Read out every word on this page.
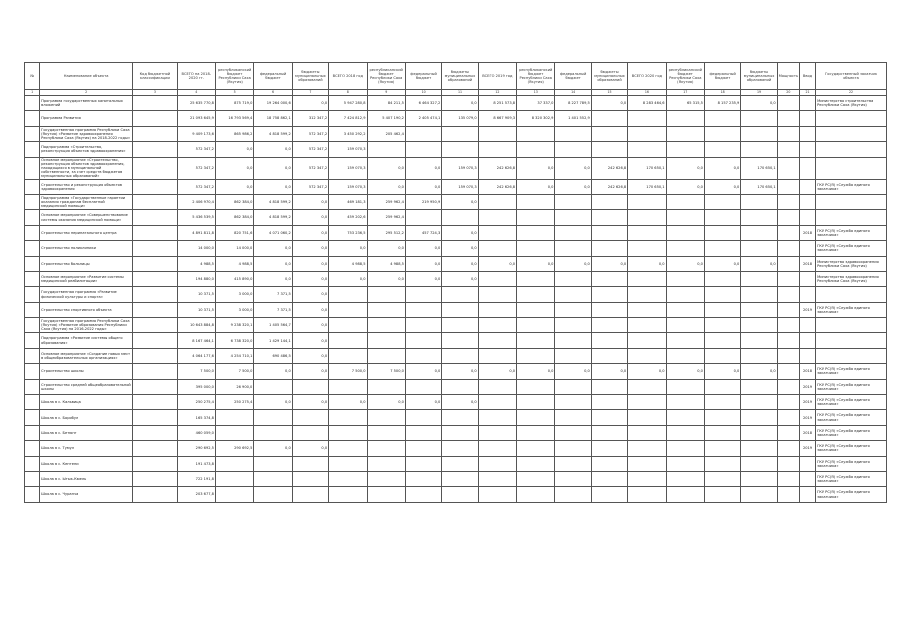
№	Наименование объекта	Код бюджетной классификации	ВСЕГО на 2018-2020 гг.	республиканский бюджет Республики Саха (Якутия)	федеральный бюджет	бюджеты муниципальных образований	ВСЕГО 2018 год	республиканский бюджет Республики Саха (Якутия)	федеральный бюджет	бюджеты муниципальных образований	ВСЕГО 2019 год	республиканский бюджет Республики Саха (Якутия)	федеральный бюджет	бюджеты муниципальных образований	ВСЕГО 2020 год	республиканский бюджет Республики Саха (Якутия)	федеральный бюджет	бюджеты муниципальных образований	Мощность	Ввод	Государственный заказчик объекта
1	2	3	4	5	6	7	8	9	10	11	12	13	14	15	16	17	18	19	20	21	22
	Программа государственных капитальных вложений		25 635 770,8	875 719,0	19 264 000,6	0,0	5 947 280,8	84 211,5	6 464 327,2	0,0	8 251 573,8	37 337,0	8 227 789,5	0,0	8 283 464,6	65 315,5	8 157 235,9	0,0			Министерство строительства Республики Саха (Якутия)
	Программа Развития		21 093 645,9	16 793 569,4	18 758 862,1	312 347,2	7 424 812,9	5 407 190,2	2 405 474,1	135 079,0	8 667 909,3	8 320 302,9	1 401 552,9								
	Государственная программа Республики Саха (Якутия) «Развитие здравоохранения Республики Саха (Якутия) на 2018-2022 годы»		9 409 173,6	865 986,2	4 818 599,2	572 347,2	3 450 292,2	205 462,4													
	Подпрограмма «Строительство, реконструкция объектов здравоохранения»		572 347,2	0,0	0,0	572 347,2	159 070,3														
	Основное мероприятие «Строительство, реконструкция объектов здравоохранения, находящихся в муниципальной собственности, за счет средств бюджетов муниципальных образований»		572 347,2	0,0	0,0	572 347,2	159 070,3	0,0	0,0	159 070,3	242 626,8	0,0	0,0	242 626,8	170 650,1	0,0	0,0	170 650,1			
	Строительство и реконструкция объектов здравоохранения		572 347,2	0,0	0,0	572 347,2	159 070,3	0,0	0,0	159 070,3	242 626,8	0,0	0,0	242 626,8	170 650,1	0,0	0,0	170 650,1			ГКУ РС(Я) «Служба единого заказчика»
	Подпрограмма «Государственные гарантии оказания гражданам бесплатной медицинской помощи»		2 406 970,4	862 384,0	4 818 599,2	0,0	469 181,3	259 962,4	219 950,9	0,0											
	Основное мероприятие «Совершенствование системы оказания медицинской помощи»		5 436 539,5	862 384,0	4 818 599,2	0,0	459 202,6	259 962,4													
	Строительство перинатального центра		4 891 811,8	820 751,6	4 071 060,2	0,0	753 236,5	295 512,2	457 724,3	0,0										2018	ГКУ РС(Я) «Служба единого заказчика»
	Строительство поликлиники		14 000,0	14 000,0	0,0	0,0	0,0	0,0	0,0	0,0											ГКУ РС(Я) «Служба единого заказчика»
	Строительство больницы		4 988,5	4 988,5	0,0	0,0	4 988,5	4 988,5	0,0	0,0	0,0	0,0	0,0	0,0	0,0	0,0	0,0	0,0		2018	Министерство здравоохранения Республики Саха (Якутия)
	Основное мероприятие «Развитие системы медицинской реабилитации»		194 880,0	415 890,0	0,0	0,0	0,0	0,0	0,0	0,0											Министерство здравоохранения Республики Саха (Якутия)
	Государственная программа «Развитие физической культуры и спорта»		10 371,5	3 000,0	7 371,5	0,0															
	Строительство спортивного объекта		10 371,5	3 000,0	7 371,5	0,0														2019	ГКУ РС(Я) «Служба единого заказчика»
	Государственная программа Республики Саха (Якутия) «Развитие образования Республики Саха (Якутия) на 2016-2022 годы»		10 643 884,8	9 238 320,1	1 405 564,7	0,0															
	Подпрограмма «Развитие системы общего образования»		8 167 464,1	6 738 320,0	1 429 144,1	0,0															
	Основное мероприятие «Создание новых мест в общеобразовательных организациях»		4 064 177,6	4 254 710,1	690 486,5	0,0															
	Строительство школы		7 500,0	7 500,0	0,0	0,0	7 500,0	7 500,0	0,0	0,0	0,0	0,0	0,0	0,0	0,0	0,0	0,0	0,0		2018	ГКУ РС(Я) «Служба единого заказчика»
	Строительство средней общеобразовательной школы		395 000,0	26 900,0																2019	ГКУ РС(Я) «Служба единого заказчика»
	Школа в с. Кальвица		250 275,4	250 275,4	0,0	0,0	0,0	0,0	0,0	0,0										2019	ГКУ РС(Я) «Служба единого заказчика»
	Школа в с. Боробул		165 374,8																	2019	ГКУ РС(Я) «Служба единого заказчика»
	Школа в с. Бетюнг		460 059,0																	2018	ГКУ РС(Я) «Служба единого заказчика»
	Школа в с. Тумул		290 692,5	290 692,5	0,0	0,0														2019	ГКУ РС(Я) «Служба единого заказчика»
	Школа в с. Кептени		191 473,8																		ГКУ РС(Я) «Служба единого заказчика»
	Школа в с. Ытык-Кюель		722 191,8																		ГКУ РС(Я) «Служба единого заказчика»
	Школа в с. Чурапча		203 677,8																		ГКУ РС(Я) «Служба единого заказчика»
